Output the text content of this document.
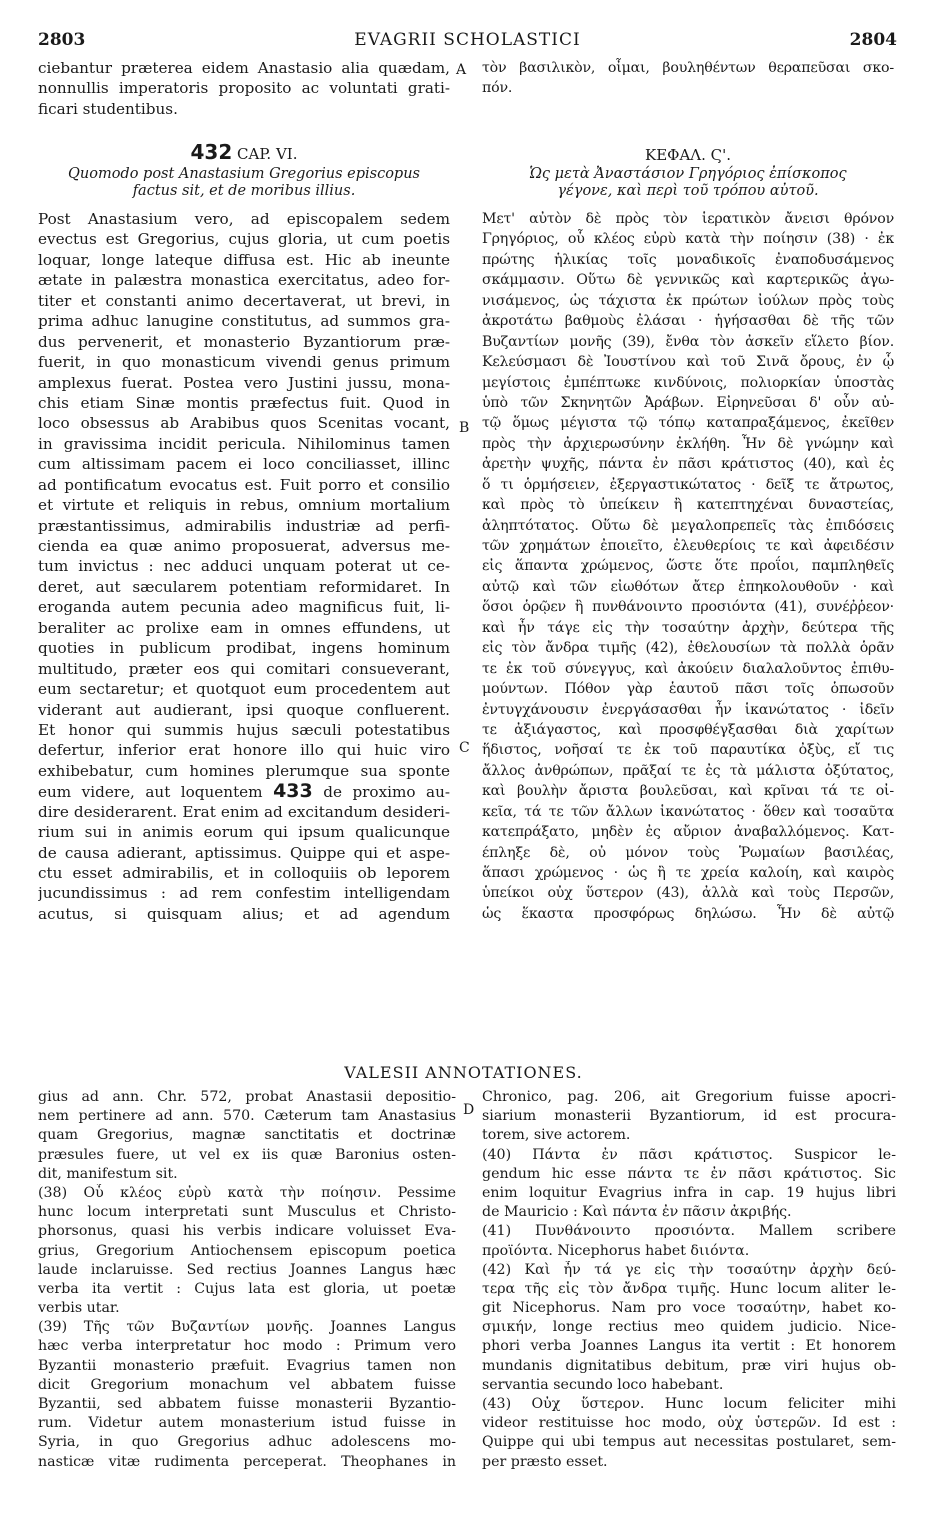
2803	EVAGRII SCHOLASTICI	2804
ciebantur præterea eidem Anastasio alia quædam,
nonnullis imperatoris proposito ac voluntati grati-
ficari studentibus.
A τὸν βασιλικὸν, οἶμαι, βουληθέντων θεραπεῦσαι σκο-
πόν.
432 CAP. VI.
Quomodo post Anastasium Gregorius episcopus
factus sit, et de moribus illius.
ΚΕΦΑΛ. Ϛ'.
Ὡς μετὰ Ἀναστάσιον Γρηγόριος ἐπίσκοπος
γέγονε, καὶ περὶ τοῦ τρόπου αὐτοῦ.
Post Anastasium vero, ad episcopalem sedem
evectus est Gregorius, cujus gloria, ut cum poetis
loquar, longe lateque diffusa est. Hic ab ineunte
ætate in palæstra monastica exercitatus, adeo for-
titer et constanti animo decertaverat, ut brevi, in
prima adhuc lanugine constitutus, ad summos gra-
dus pervenerit, et monasterio Byzantiorum præ-
fuerit, in quo monasticum vivendi genus primum
amplexus fuerat. Postea vero Justini jussu, mona-
chis etiam Sinæ montis præfectus fuit. Quod in
loco obsessus ab Arabibus quos Scenitas vocant,
in gravissima incidit pericula. Nihilominus tamen
cum altissimam pacem ei loco conciliasset, illinc
ad pontificatum evocatus est. Fuit porro et consilio
et virtute et reliquis in rebus, omnium mortalium
præstantissimus, admirabilis industriæ ad perfi-
cienda ea quæ animo proposuerat, adversus me-
tum invictus : nec adduci unquam poterat ut ce-
deret, aut sæcularem potentiam reformidaret. In
eroganda autem pecunia adeo magnificus fuit, li-
beraliter ac prolixe eam in omnes effundens, ut
quoties in publicum prodibat, ingens hominum
multitudo, præter eos qui comitari consueverant,
eum sectaretur; et quotquot eum procedentem aut
viderant aut audierant, ipsi quoque confluerent.
Et honor qui summis hujus sæculi potestatibus
defertur, inferior erat honore illo qui huic viro
exhibebatur, cum homines plerumque sua sponte
eum videre, aut loquentem 433 de proximo au-
dire desiderarent. Erat enim ad excitandum desideri-
rium sui in animis eorum qui ipsum qualicunque
de causa adierant, aptissimus. Quippe qui et aspe-
ctu esset admirabilis, et in colloquiis ob leporem
jucundissimus : ad rem confestim intelligendam
acutus, si quisquam alius; et ad agendum
B
C
Μετ' αὐτὸν δὲ πρὸς τὸν ἱερατικὸν ἄνεισι θρόνον
Γρηγόριος, οὗ κλέος εὐρὺ κατὰ τὴν ποίησιν (38) · ἐκ
πρώτης ἡλικίας τοῖς μοναδικοῖς ἐναποδυσάμενος
σκάμμασιν. Οὕτω δὲ γεννικῶς καὶ καρτερικῶς ἀγω-
νισάμενος, ὡς τάχιστα ἐκ πρώτων ἰούλων πρὸς τοὺς
ἀκροτάτω βαθμοὺς ἐλάσαι · ἡγήσασθαι δὲ τῆς τῶν
Βυζαντίων μονῆς (39), ἔνθα τὸν ἀσκεῖν εἵλετο βίον.
Κελεύσμασι δὲ Ἰουστίνου καὶ τοῦ Σινᾶ ὄρους, ἐν ᾧ
μεγίστοις ἐμπέπτωκε κινδύνοις, πολιορκίαν ὑποστὰς
ὑπὸ τῶν Σκηνητῶν Ἀράβων. Εἰρηνεῦσαι δ' οὖν αὐ-
τῷ ὅμως μέγιστα τῷ τόπῳ καταπραξάμενος, ἐκεῖθεν
πρὸς τὴν ἀρχιερωσύνην ἐκλήθη. Ἦν δὲ γνώμην καὶ
ἀρετὴν ψυχῆς, πάντα ἐν πᾶσι κράτιστος (40), καὶ ἐς
ὅ τι ὁρμήσειεν, ἐξεργαστικώτατος · δεῖξ τε ἄτρωτος,
καὶ πρὸς τὸ ὑπείκειν ἢ κατεπτηχέναι δυναστείας,
ἀληπτότατος. Οὕτω δὲ μεγαλοπρεπεῖς τὰς ἐπιδόσεις
τῶν χρημάτων ἐποιεῖτο, ἐλευθερίοις τε καὶ ἀφειδέσιν
εἰς ἅπαντα χρώμενος, ὥστε ὅτε προΐοι, παμπληθεῖς
αὐτῷ καὶ τῶν εἰωθότων ἄτερ ἐπηκολουθοῦν · καὶ
ὅσοι ὁρῷεν ἢ πυνθάνοιντο προσιόντα (41), συνέῤῥεον·
καὶ ἦν τάγε εἰς τὴν τοσαύτην ἀρχὴν, δεύτερα τῆς
εἰς τὸν ἄνδρα τιμῆς (42), ἐθελουσίων τὰ πολλὰ ὁρᾶν
τε ἐκ τοῦ σύνεγγυς, καὶ ἀκούειν διαλαλοῦντος ἐπιθυ-
μούντων. Πόθον γὰρ ἑαυτοῦ πᾶσι τοῖς ὁπωσοῦν
ἐντυγχάνουσιν ἐνεργάσασθαι ἦν ἱκανώτατος · ἰδεῖν
τε ἀξιάγαστος, καὶ προσφθέγξασθαι διὰ χαρίτων
ἥδιστος, νοῆσαί τε ἐκ τοῦ παραυτίκα ὀξὺς, εἴ τις
ἄλλος ἀνθρώπων, πρᾶξαί τε ἐς τὰ μάλιστα ὀξύτατος,
καὶ βουλὴν ἄριστα βουλεῦσαι, καὶ κρῖναι τά τε οἰ-
κεῖα, τά τε τῶν ἄλλων ἱκανώτατος · ὅθεν καὶ τοσαῦτα
κατεπράξατο, μηδὲν ἐς αὔριον ἀναβαλλόμενος. Κατ-
έπληξε δὲ, οὐ μόνον τοὺς Ῥωμαίων βασιλέας,
ἅπασι χρώμενος · ὡς ἢ τε χρεία καλοίη, καὶ καιρὸς
ὑπείκοι οὐχ ὕστερον (43), ἀλλὰ καὶ τοὺς Περσῶν,
ὡς ἕκαστα προσφόρως δηλώσω. Ἦν δὲ αὐτῷ
VALESII ANNOTATIONES.
D
gius ad ann. Chr. 572, probat Anastasii depositio-
nem pertinere ad ann. 570. Cæterum tam Anastasius
quam Gregorius, magnæ sanctitatis et doctrinæ
præsules fuere, ut vel ex iis quæ Baronius osten-
dit, manifestum sit.
(38) Οὗ κλέος εὐρὺ κατὰ τὴν ποίησιν. Pessime
hunc locum interpretati sunt Musculus et Christo-
phorsonus, quasi his verbis indicare voluisset Eva-
grius, Gregorium Antiochensem episcopum poetica
laude inclaruisse. Sed rectius Joannes Langus hæc
verba ita vertit : Cujus lata est gloria, ut poetæ
verbis utar.
(39) Τῆς τῶν Βυζαντίων μονῆς. Joannes Langus
hæc verba interpretatur hoc modo : Primum vero
Byzantii monasterio præfuit. Evagrius tamen non
dicit Gregorium monachum vel abbatem fuisse
Byzantii, sed abbatem fuisse monasterii Byzantio-
rum. Videtur autem monasterium istud fuisse in
Syria, in quo Gregorius adhuc adolescens mo-
nasticæ vitæ rudimenta perceperat. Theophanes in
Chronico, pag. 206, ait Gregorium fuisse apocri-
siarium monasterii Byzantiorum, id est procura-
torem, sive actorem.
(40) Πάντα ἐν πᾶσι κράτιστος. Suspicor le-
gendum hic esse πάντα τε ἐν πᾶσι κράτιστος. Sic
enim loquitur Evagrius infra in cap. 19 hujus libri
de Mauricio : Καὶ πάντα ἐν πᾶσιν ἀκριβής.
(41) Πυνθάνοιντο προσιόντα. Mallem scribere
προϊόντα. Nicephorus habet διιόντα.
(42) Καὶ ἦν τά γε εἰς τὴν τοσαύτην ἀρχὴν δεύ-
τερα τῆς εἰς τὸν ἄνδρα τιμῆς. Hunc locum aliter le-
git Nicephorus. Nam pro voce τοσαύτην, habet κο-
σμικήν, longe rectius meo quidem judicio. Nice-
phori verba Joannes Langus ita vertit : Et honorem
mundanis dignitatibus debitum, præ viri hujus ob-
servantia secundo loco habebant.
(43) Οὐχ ὕστερον. Hunc locum feliciter mihi
videor restituisse hoc modo, οὐχ ὑστερῶν. Id est :
Quippe qui ubi tempus aut necessitas postularet, sem-
per præsto esset.
